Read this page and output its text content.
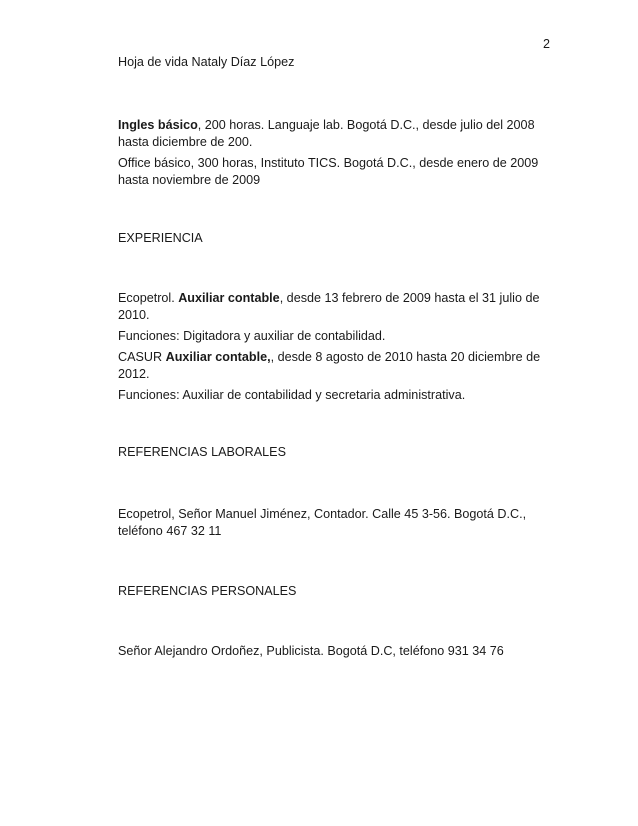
2
Hoja de vida Nataly Díaz López

Ingles básico, 200 horas. Languaje lab. Bogotá D.C., desde julio del 2008 hasta diciembre de 200.

Office básico, 300 horas, Instituto TICS. Bogotá D.C., desde enero de 2009 hasta noviembre de 2009

EXPERIENCIA

Ecopetrol. Auxiliar contable, desde 13 febrero de 2009 hasta el 31 julio de 2010.

Funciones: Digitadora y auxiliar de contabilidad.

CASUR Auxiliar contable,, desde 8 agosto de 2010 hasta 20 diciembre de 2012.

Funciones: Auxiliar de contabilidad y secretaria administrativa.

REFERENCIAS LABORALES
Ecopetrol, Señor Manuel Jiménez, Contador. Calle 45 3-56. Bogotá D.C., teléfono 467 32 11
REFERENCIAS PERSONALES
Señor Alejandro Ordoñez, Publicista. Bogotá D.C, teléfono 931 34 76
